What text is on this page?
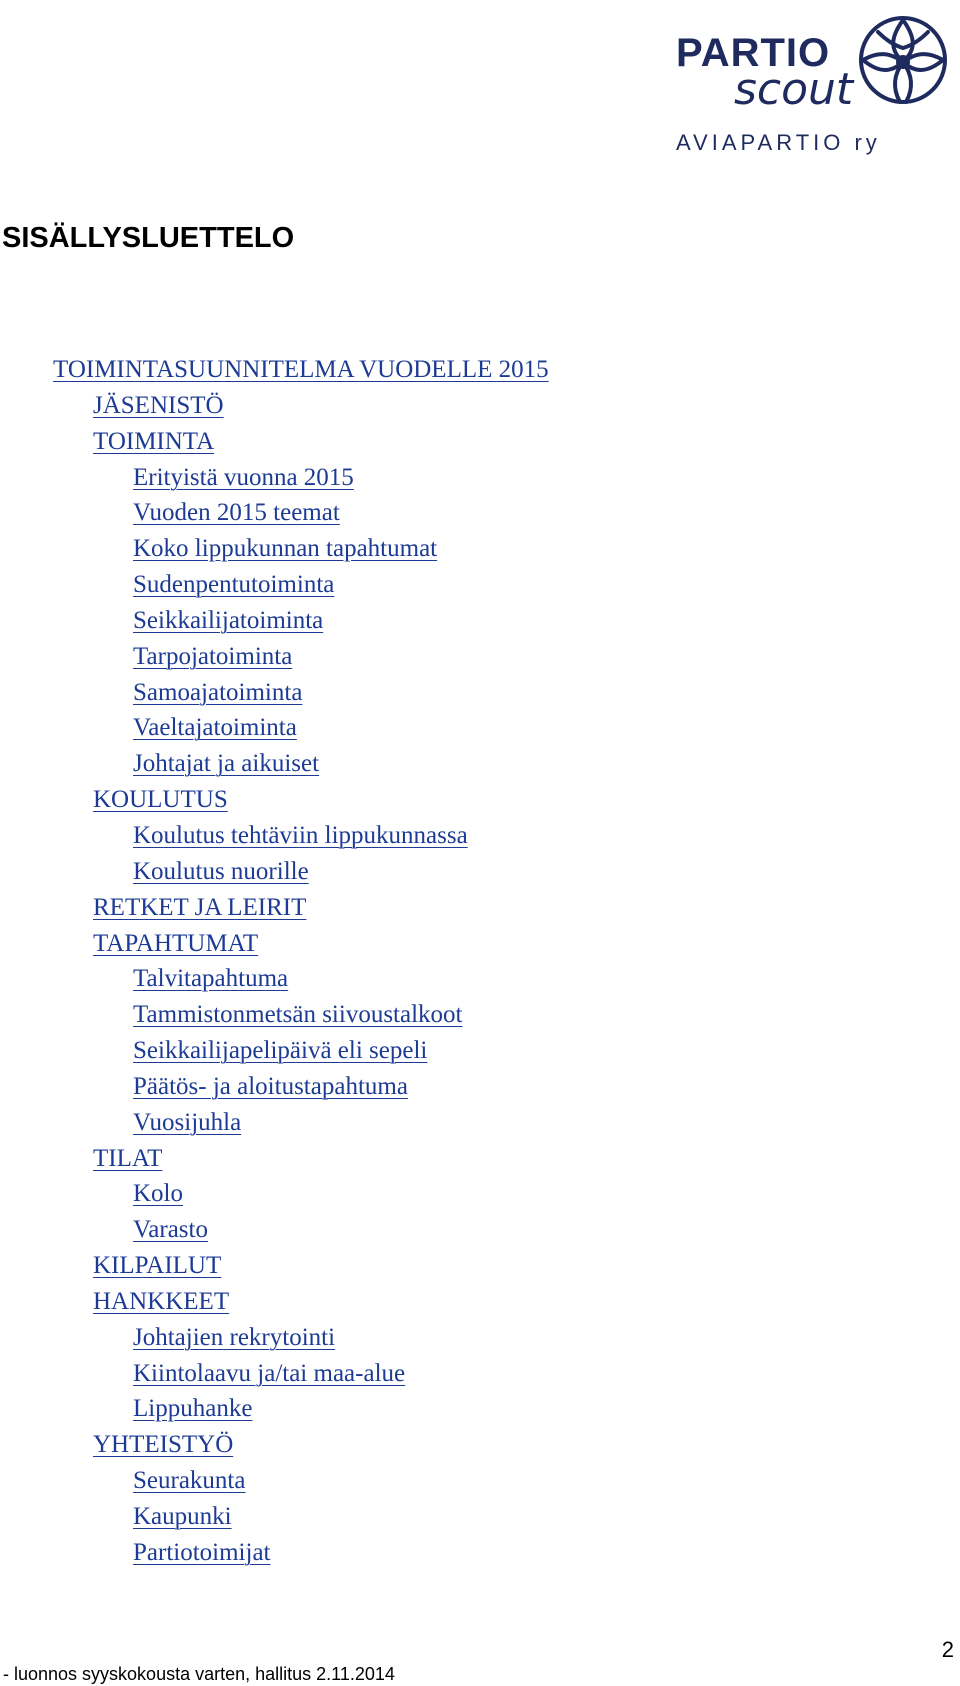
PARTIO
scout
AVIAPARTIO ry
SISÄLLYSLUETTELO
TOIMINTASUUNNITELMA VUODELLE 2015
JÄSENISTÖ
TOIMINTA
Erityistä vuonna 2015
Vuoden 2015 teemat
Koko lippukunnan tapahtumat
Sudenpentutoiminta
Seikkailijatoiminta
Tarpojatoiminta
Samoajatoiminta
Vaeltajatoiminta
Johtajat ja aikuiset
KOULUTUS
Koulutus tehtäviin lippukunnassa
Koulutus nuorille
RETKET JA LEIRIT
TAPAHTUMAT
Talvitapahtuma
Tammistonmetsän siivoustalkoot
Seikkailijapelipäivä eli sepeli
Päätös- ja aloitustapahtuma
Vuosijuhla
TILAT
Kolo
Varasto
KILPAILUT
HANKKEET
Johtajien rekrytointi
Kiintolaavu ja/tai maa-alue
Lippuhanke
YHTEISTYÖ
Seurakunta
Kaupunki
Partiotoimijat
2
- luonnos syyskokousta varten, hallitus 2.11.2014
